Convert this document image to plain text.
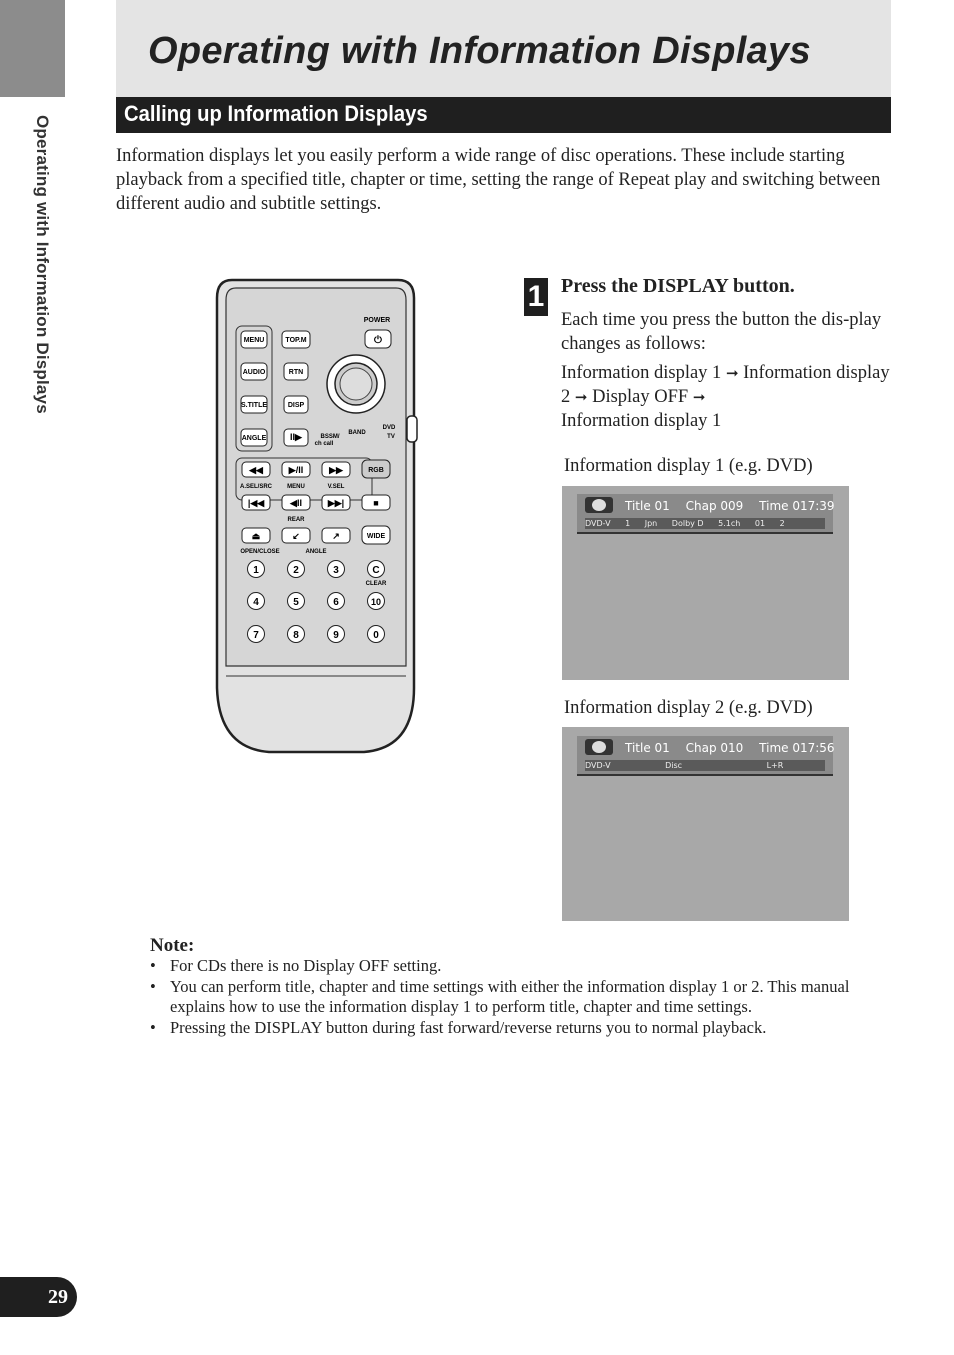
Operating with Information Displays
Operating with Information Displays
Calling up Information Displays

Information displays let you easily perform a wide range of disc operations. These include starting playback from a specified title, chapter or time, setting the range of Repeat play and switching between different audio and subtitle settings.

MENU
AUDIO
S.TITLE
ANGLE
TOP.M
RTN
DISP
II▶
POWER
⏻
BSSM/
ch call
BAND
DVD
TV
◀◀	▶/II	▶▶	RGB
A.SEL/SRC	MENU	V.SEL
|◀◀	◀II	▶▶|	■
REAR
⏏	↙	↗	WIDE
OPEN/CLOSE	ANGLE
1	2	3	C
CLEAR
4	5	6	10
7	8	9	0
1 Press the DISPLAY button.

Each time you press the button the dis-play changes as follows:

Information display 1 ➞ Information display 2 ➞ Display OFF ➞
Information display 1

Information display 1 (e.g. DVD)

Title 01 Chap 009 Time 017:39
DVD-V 1 Jpn Dolby D 5.1ch 01 2

Information display 2 (e.g. DVD)

Title 01 Chap 010 Time 017:56
DVD-V	Disc	L+R

Note:

• For CDs there is no Display OFF setting.
• You can perform title, chapter and time settings with either the information display 1 or 2. This manual explains how to use the information display 1 to perform title, chapter and time settings.
• Pressing the DISPLAY button during fast forward/reverse returns you to normal playback.
29
